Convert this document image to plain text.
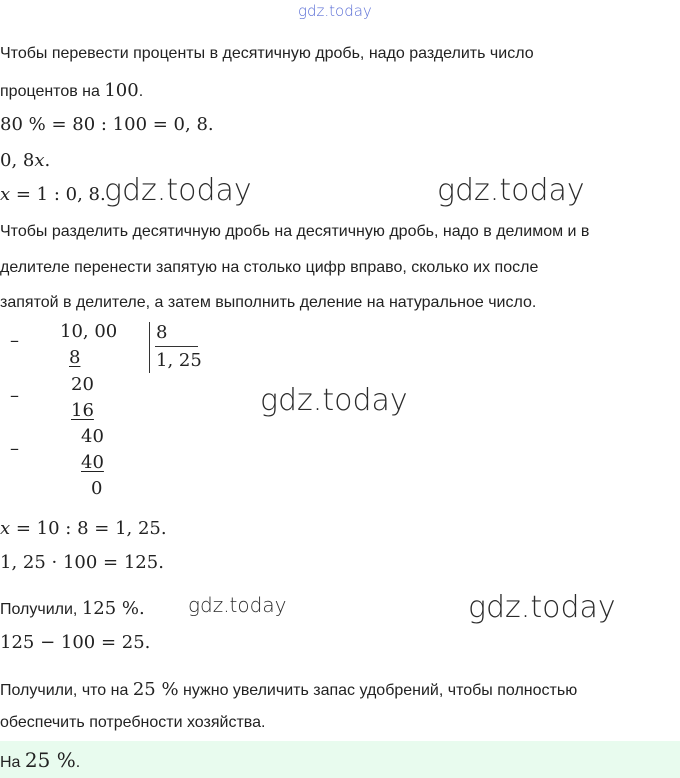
gdz.today
Чтобы перевести проценты в десятичную дробь, надо разделить число
процентов на 100.
80 % = 80 : 100 = 0, 8.
0, 8x.
x = 1 : 0, 8.
gdz.today	gdz.today
Чтобы разделить десятичную дробь на десятичную дробь, надо в делимом и в
делителе перенести запятую на столько цифр вправо, сколько их после
запятой в делителе, а затем выполнить деление на натуральное число.
– 10, 00
8
8
1, 25
–
20
16
–
40
40
0
gdz.today
x = 10 : 8 = 1, 25.
1, 25 · 100 = 125.
Получили, 125 %. gdz.today	gdz.today
125 − 100 = 25.
Получили, что на 25 % нужно увеличить запас удобрений, чтобы полностью
обеспечить потребности хозяйства.
На 25 %.
